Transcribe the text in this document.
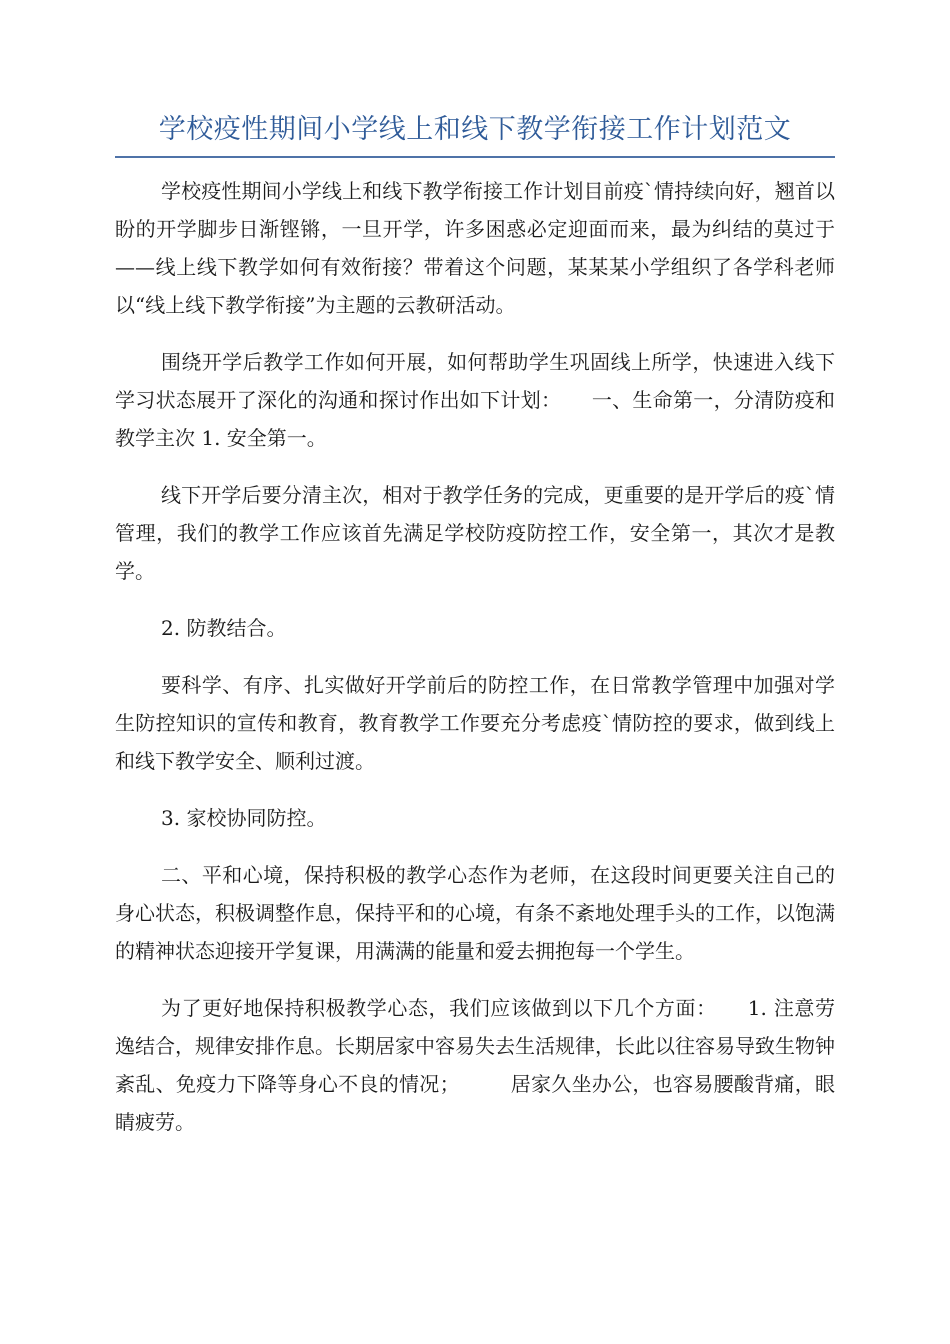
学校疫性期间小学线上和线下教学衔接工作计划范文

学校疫性期间小学线上和线下教学衔接工作计划目前疫`情持续向好，翘首以盼的开学脚步日渐铿锵，一旦开学，许多困惑必定迎面而来，最为纠结的莫过于——线上线下教学如何有效衔接？带着这个问题，某某某小学组织了各学科老师以“线上线下教学衔接”为主题的云教研活动。

围绕开学后教学工作如何开展，如何帮助学生巩固线上所学，快速进入线下学习状态展开了深化的沟通和探讨作出如下计划：　　一、生命第一，分清防疫和教学主次 1. 安全第一。

线下开学后要分清主次，相对于教学任务的完成，更重要的是开学后的疫`情管理，我们的教学工作应该首先满足学校防疫防控工作，安全第一，其次才是教学。

2. 防教结合。

要科学、有序、扎实做好开学前后的防控工作，在日常教学管理中加强对学生防控知识的宣传和教育，教育教学工作要充分考虑疫`情防控的要求，做到线上和线下教学安全、顺利过渡。

3. 家校协同防控。

二、平和心境，保持积极的教学心态作为老师，在这段时间更要关注自己的身心状态，积极调整作息，保持平和的心境，有条不紊地处理手头的工作，以饱满的精神状态迎接开学复课，用满满的能量和爱去拥抱每一个学生。

为了更好地保持积极教学心态，我们应该做到以下几个方面：　　1. 注意劳逸结合，规律安排作息。长期居家中容易失去生活规律，长此以往容易导致生物钟紊乱、免疫力下降等身心不良的情况；　　　居家久坐办公，也容易腰酸背痛，眼睛疲劳。
